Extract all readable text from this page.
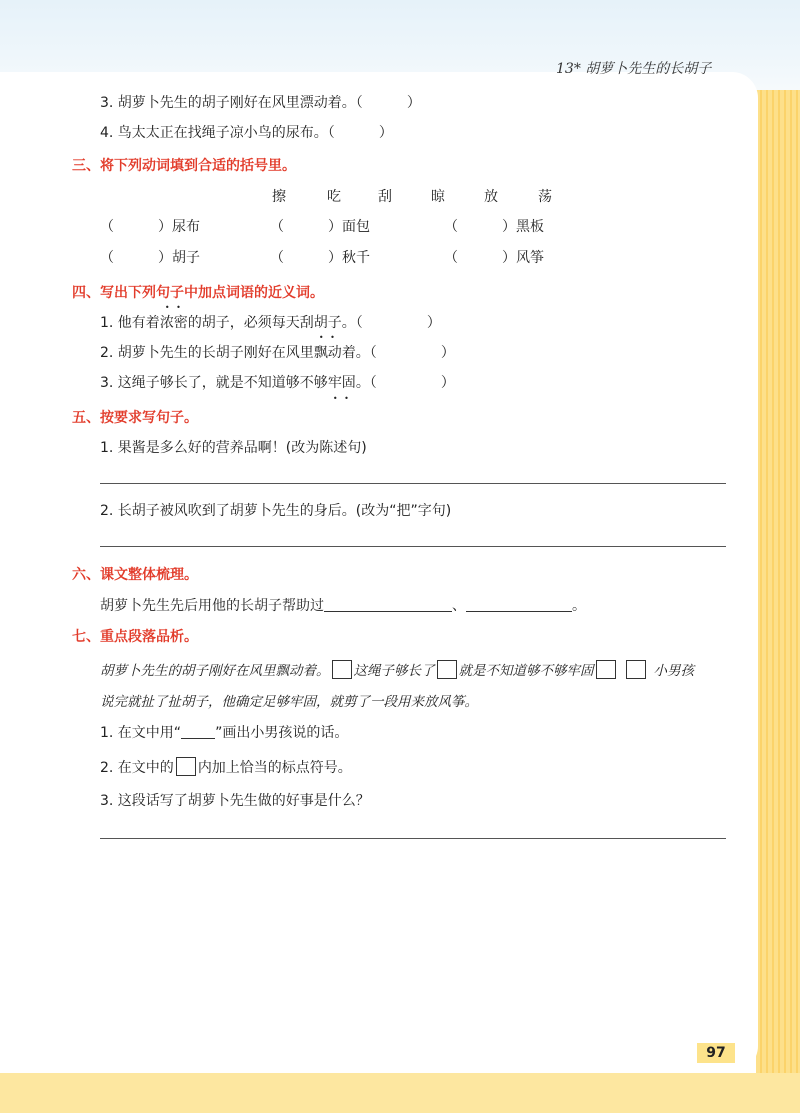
13* 胡萝卜先生的长胡子
3. 胡萝卜先生的胡子刚好在风里漂动着。（	）
4. 鸟太太正在找绳子凉小鸟的尿布。（	）
三、将下列动词填到合适的括号里。
擦	吃	刮	晾	放	荡
（	）尿布	（	）面包	（	）黑板
（	）胡子	（	）秋千	（	）风筝
四、写出下列句子中加点词语的近义词。
1. 他有着浓密 • •的胡子，必须每天刮胡子。（	）
2. 胡萝卜先生的长胡子刚好在风里飘动 • •着。（	）
3. 这绳子够长了，就是不知道够不够牢固 • •。（	）
五、按要求写句子。
1. 果酱是多么好的营养品啊！(改为陈述句)
2. 长胡子被风吹到了胡萝卜先生的身后。(改为“把”字句)
六、课文整体梳理。
胡萝卜先生先后用他的长胡子帮助过	、	。
七、重点段落品析。
胡萝卜先生的胡子刚好在风里飘动着。 这绳子够长了 就是不知道够不够牢固	小男孩
说完就扯了扯胡子，他确定足够牢固，就剪了一段用来放风筝。
1. 在文中用“ ”画出小男孩说的话。
2. 在文中的 内加上恰当的标点符号。
3. 这段话写了胡萝卜先生做的好事是什么？
97
